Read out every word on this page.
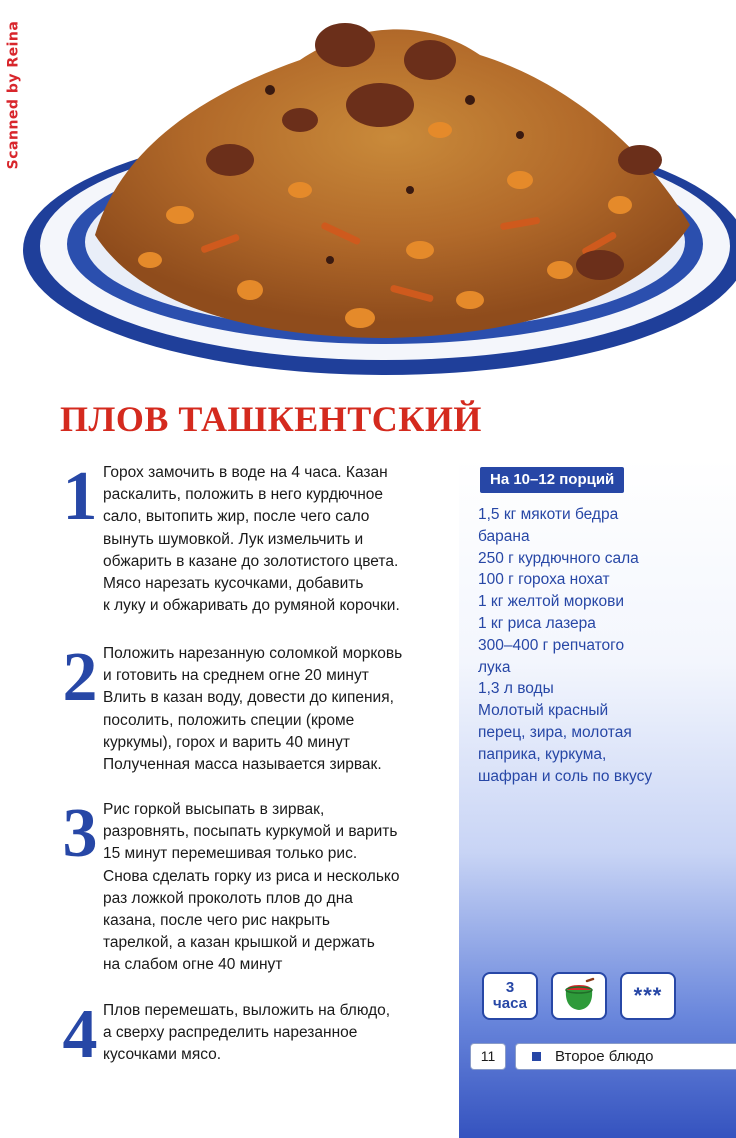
Scanned by Reina
ПЛОВ ТАШКЕНТСКИЙ
На 10–12 порций
1,5 кг мякоти бедра
барана
250 г курдючного сала
100 г гороха нохат
1 кг желтой моркови
1 кг риса лазера
300–400 г репчатого
лука
1,3 л воды
Молотый красный
перец, зира, молотая
паприка, куркума,
шафран и соль по вкусу
1 Горох замочить в воде на 4 часа. Казан
раскалить, положить в него курдючное
сало, вытопить жир, после чего сало
вынуть шумовкой. Лук измельчить и
обжарить в казане до золотистого цвета.
Мясо нарезать кусочками, добавить
к луку и обжаривать до румяной корочки.

2 Положить нарезанную соломкой морковь
и готовить на среднем огне 20 минут
Влить в казан воду, довести до кипения,
посолить, положить специи (кроме
куркумы), горох и варить 40 минут
Полученная масса называется зирвак.

3 Рис горкой высыпать в зирвак,
разровнять, посыпать куркумой и варить
15 минут перемешивая только рис.
Снова сделать горку из риса и несколько
раз ложкой проколоть плов до дна
казана, после чего рис накрыть
тарелкой, а казан крышкой и держать
на слабом огне 40 минут

4 Плов перемешать, выложить на блюдо,
а сверху распределить нарезанное
кусочками мясо.

3
часа	***
11	Второе блюдо
